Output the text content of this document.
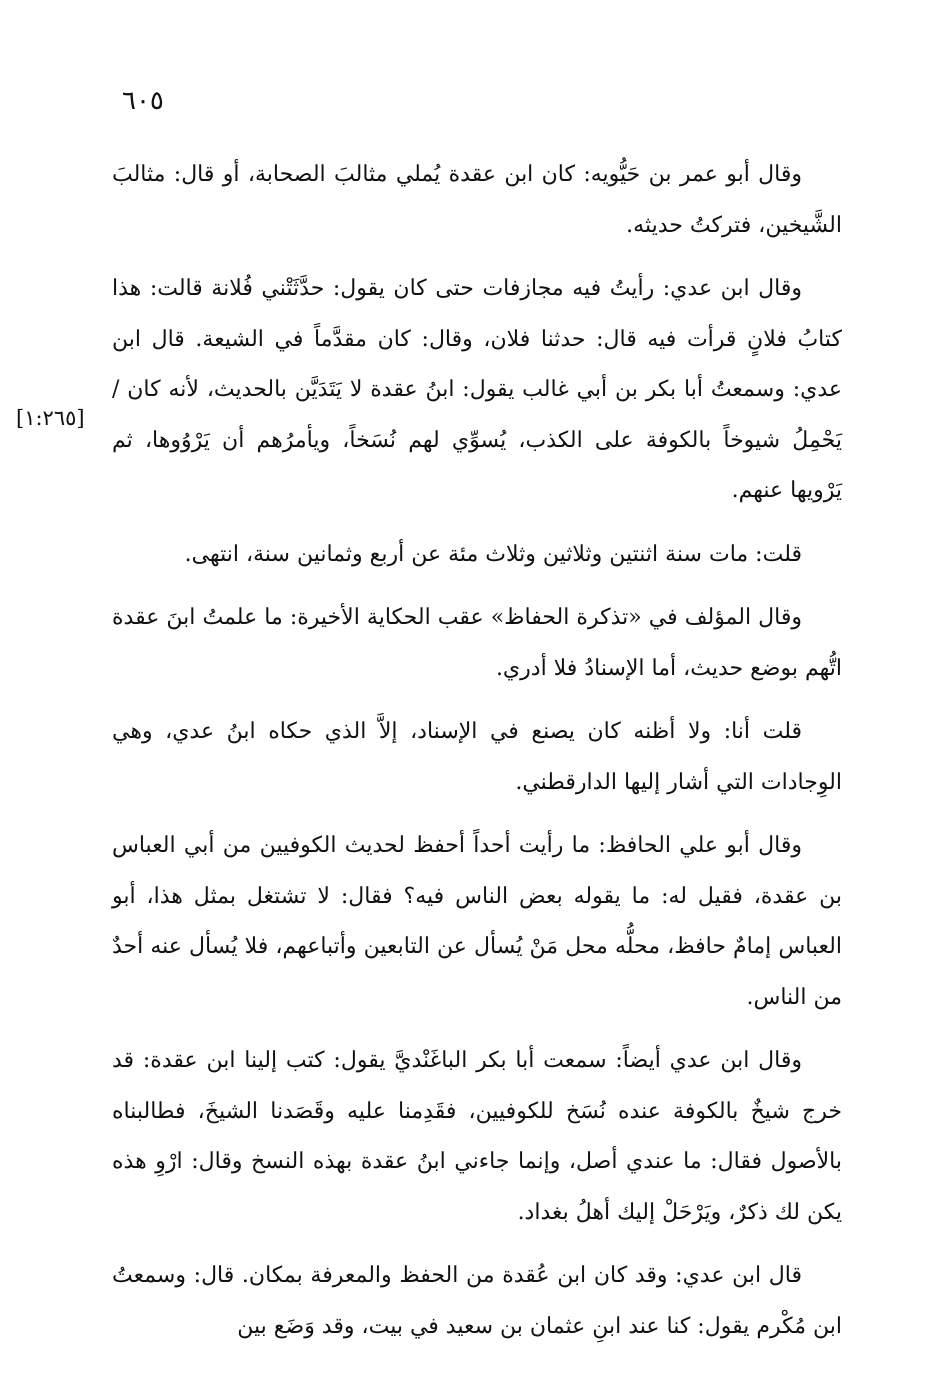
٦٠٥
[١:٢٦٥]

وقال أبو عمر بن حَيُّويه: كان ابن عقدة يُملي مثالبَ الصحابة، أو قال: مثالبَ الشَّيخين، فتركتُ حديثه.

وقال ابن عدي: رأيتُ فيه مجازفات حتى كان يقول: حدَّثَتْني فُلانة قالت: هذا كتابُ فلانٍ قرأت فيه قال: حدثنا فلان، وقال: كان مقدَّماً في الشيعة. قال ابن عدي: وسمعتُ أبا بكر بن أبي غالب يقول: ابنُ عقدة لا يَتَدَيَّن بالحديث، لأنه كان / يَحْمِلُ شيوخاً بالكوفة على الكذب، يُسوِّي لهم نُسَخاً، ويأمرُهم أن يَرْوُوها، ثم يَرْويها عنهم.

قلت: مات سنة اثنتين وثلاثين وثلاث مئة عن أربع وثمانين سنة، انتهى.

وقال المؤلف في «تذكرة الحفاظ» عقب الحكاية الأخيرة: ما علمتُ ابنَ عقدة اتُّهم بوضع حديث، أما الإسنادُ فلا أدري.

قلت أنا: ولا أظنه كان يصنع في الإسناد، إلاَّ الذي حكاه ابنُ عدي، وهي الوِجادات التي أشار إليها الدارقطني.

وقال أبو علي الحافظ: ما رأيت أحداً أحفظ لحديث الكوفيين من أبي العباس بن عقدة، فقيل له: ما يقوله بعض الناس فيه؟ فقال: لا تشتغل بمثل هذا، أبو العباس إمامٌ حافظ، محلُّه محل مَنْ يُسأل عن التابعين وأتباعهم، فلا يُسأل عنه أحدٌ من الناس.

وقال ابن عدي أيضاً: سمعت أبا بكر الباغَنْديَّ يقول: كتب إلينا ابن عقدة: قد خرج شيخٌ بالكوفة عنده نُسَخ للكوفيين، فقَدِمنا عليه وقَصَدنا الشيخَ، فطالبناه بالأصول فقال: ما عندي أصل، وإنما جاءني ابنُ عقدة بهذه النسخ وقال: ارْوِ هذه يكن لك ذكرٌ، ويَرْحَلْ إليك أهلُ بغداد.

قال ابن عدي: وقد كان ابن عُقدة من الحفظ والمعرفة بمكان. قال: وسمعتُ ابن مُكْرم يقول: كنا عند ابنِ عثمان بن سعيد في بيت، وقد وَضَع بين
